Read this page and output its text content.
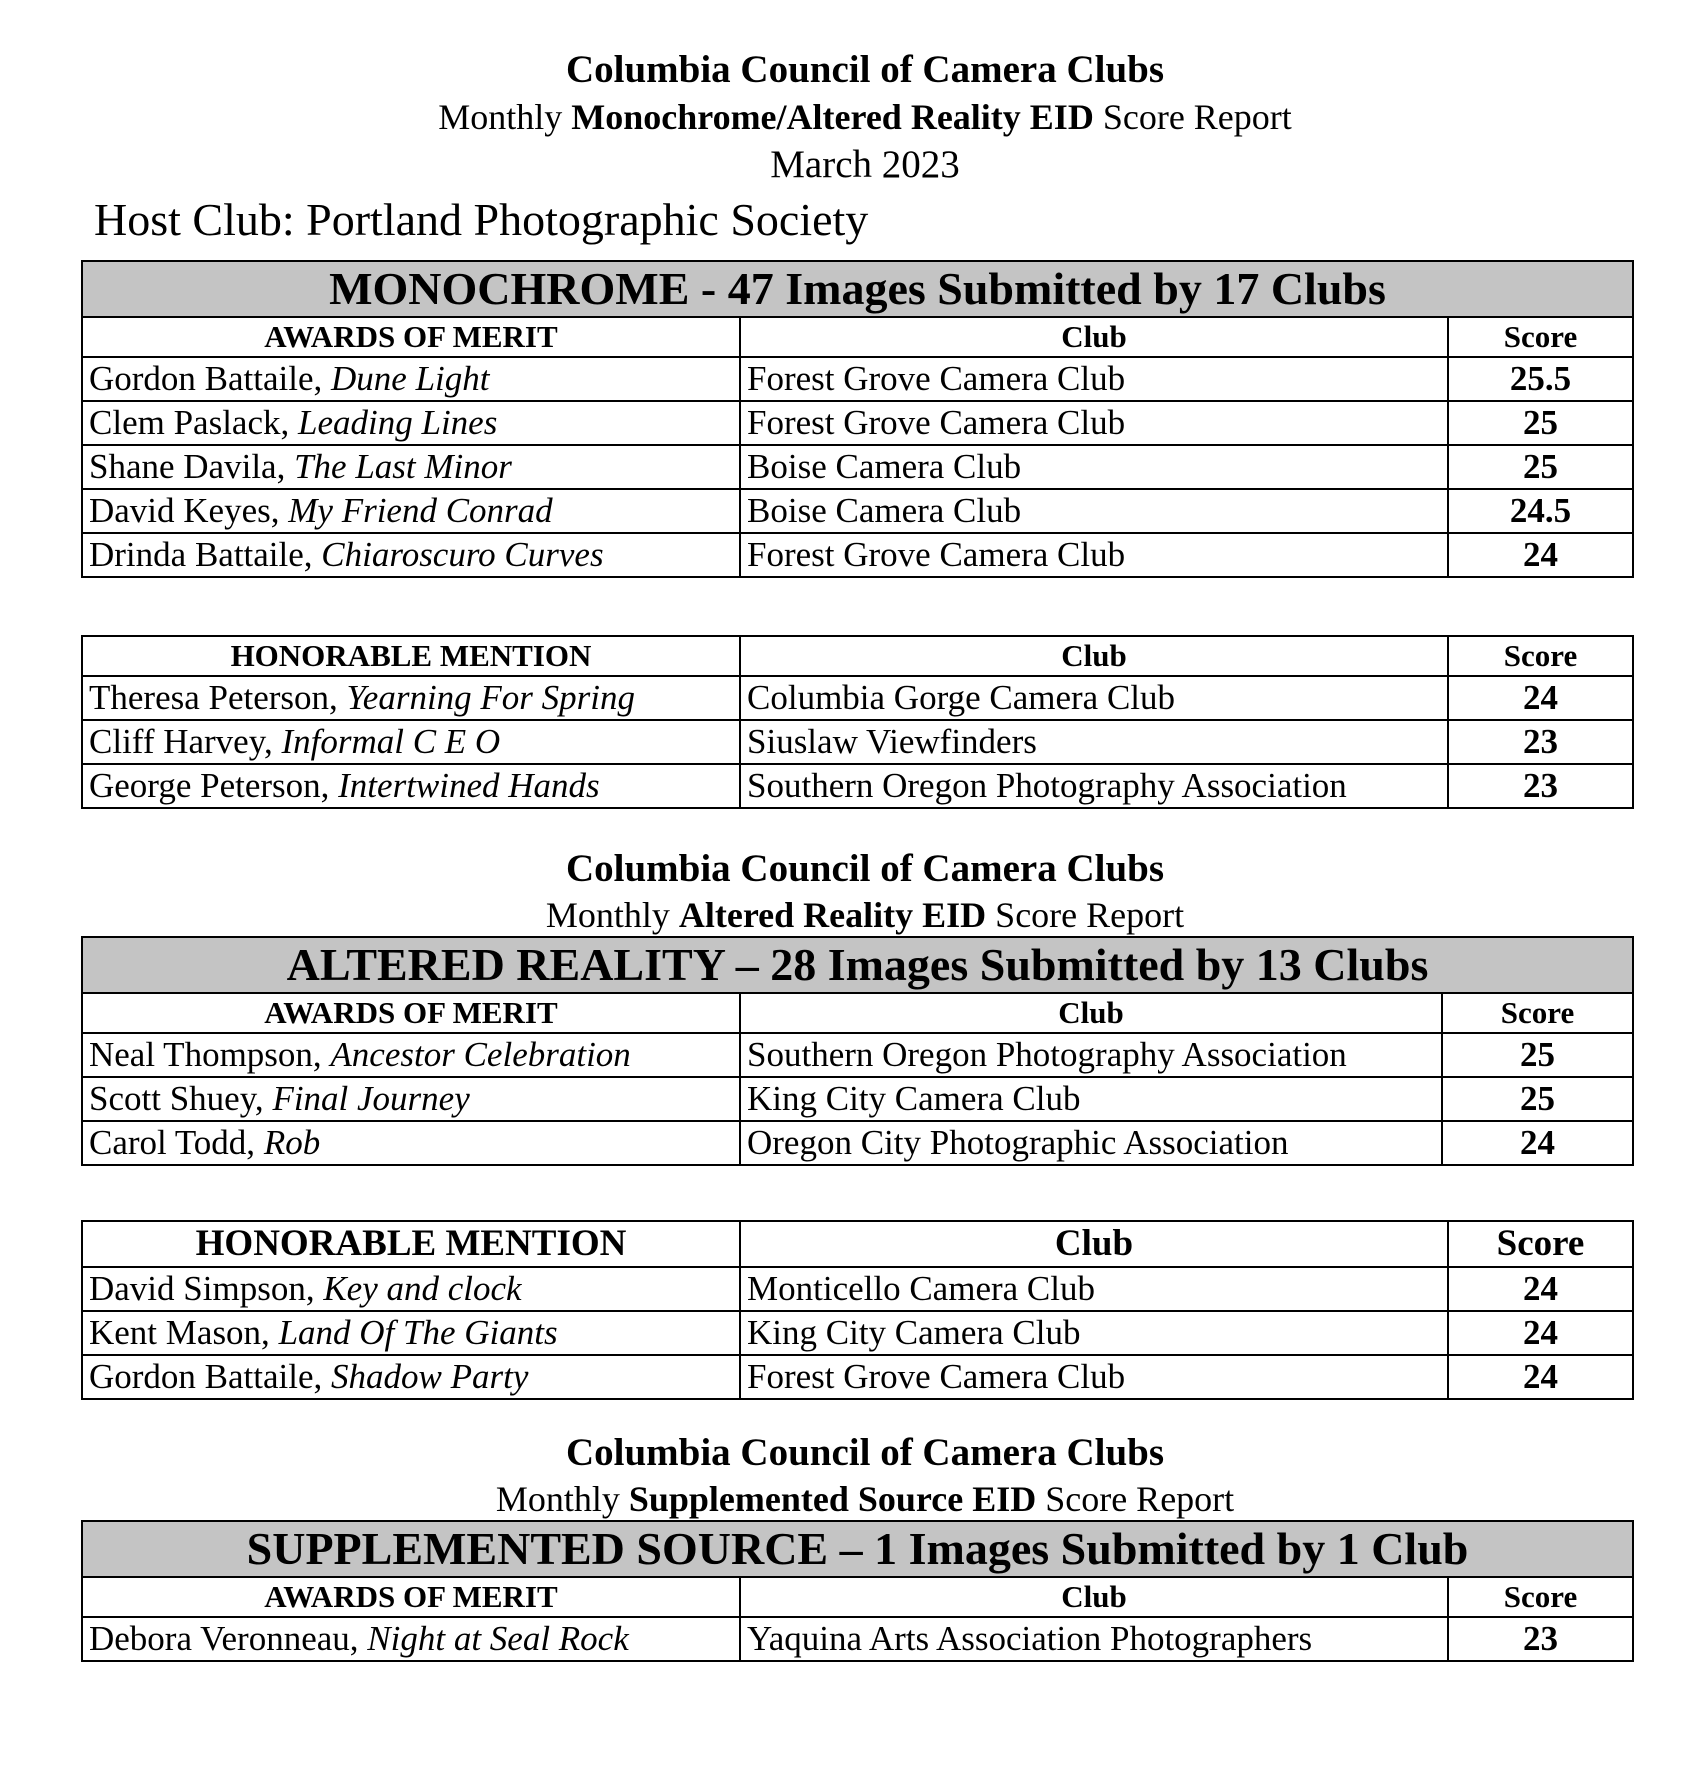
Columbia Council of Camera Clubs
Monthly Monochrome/Altered Reality EID Score Report
March 2023
Host Club: Portland Photographic Society
MONOCHROME - 47 Images Submitted by 17 Clubs		
AWARDS OF MERIT	Club	Score
Gordon Battaile, Dune Light	Forest Grove Camera Club	25.5
Clem Paslack, Leading Lines	Forest Grove Camera Club	25
Shane Davila, The Last Minor	Boise Camera Club	25
David Keyes, My Friend Conrad	Boise Camera Club	24.5
Drinda Battaile, Chiaroscuro Curves	Forest Grove Camera Club	24
HONORABLE MENTION	Club	Score
Theresa Peterson, Yearning For Spring	Columbia Gorge Camera Club	24
Cliff Harvey, Informal C E O	Siuslaw Viewfinders	23
George Peterson, Intertwined Hands	Southern Oregon Photography Association	23
Columbia Council of Camera Clubs
Monthly Altered Reality EID Score Report
ALTERED REALITY – 28 Images Submitted by 13 Clubs		
AWARDS OF MERIT	Club	Score
Neal Thompson, Ancestor Celebration	Southern Oregon Photography Association	25
Scott Shuey, Final Journey	King City Camera Club	25
Carol Todd, Rob	Oregon City Photographic Association	24
HONORABLE MENTION	Club	Score
David Simpson, Key and clock	Monticello Camera Club	24
Kent Mason, Land Of The Giants	King City Camera Club	24
Gordon Battaile, Shadow Party	Forest Grove Camera Club	24
Columbia Council of Camera Clubs
Monthly Supplemented Source EID Score Report
SUPPLEMENTED SOURCE – 1 Images Submitted by 1 Club		
AWARDS OF MERIT	Club	Score
Debora Veronneau, Night at Seal Rock	Yaquina Arts Association Photographers	23
